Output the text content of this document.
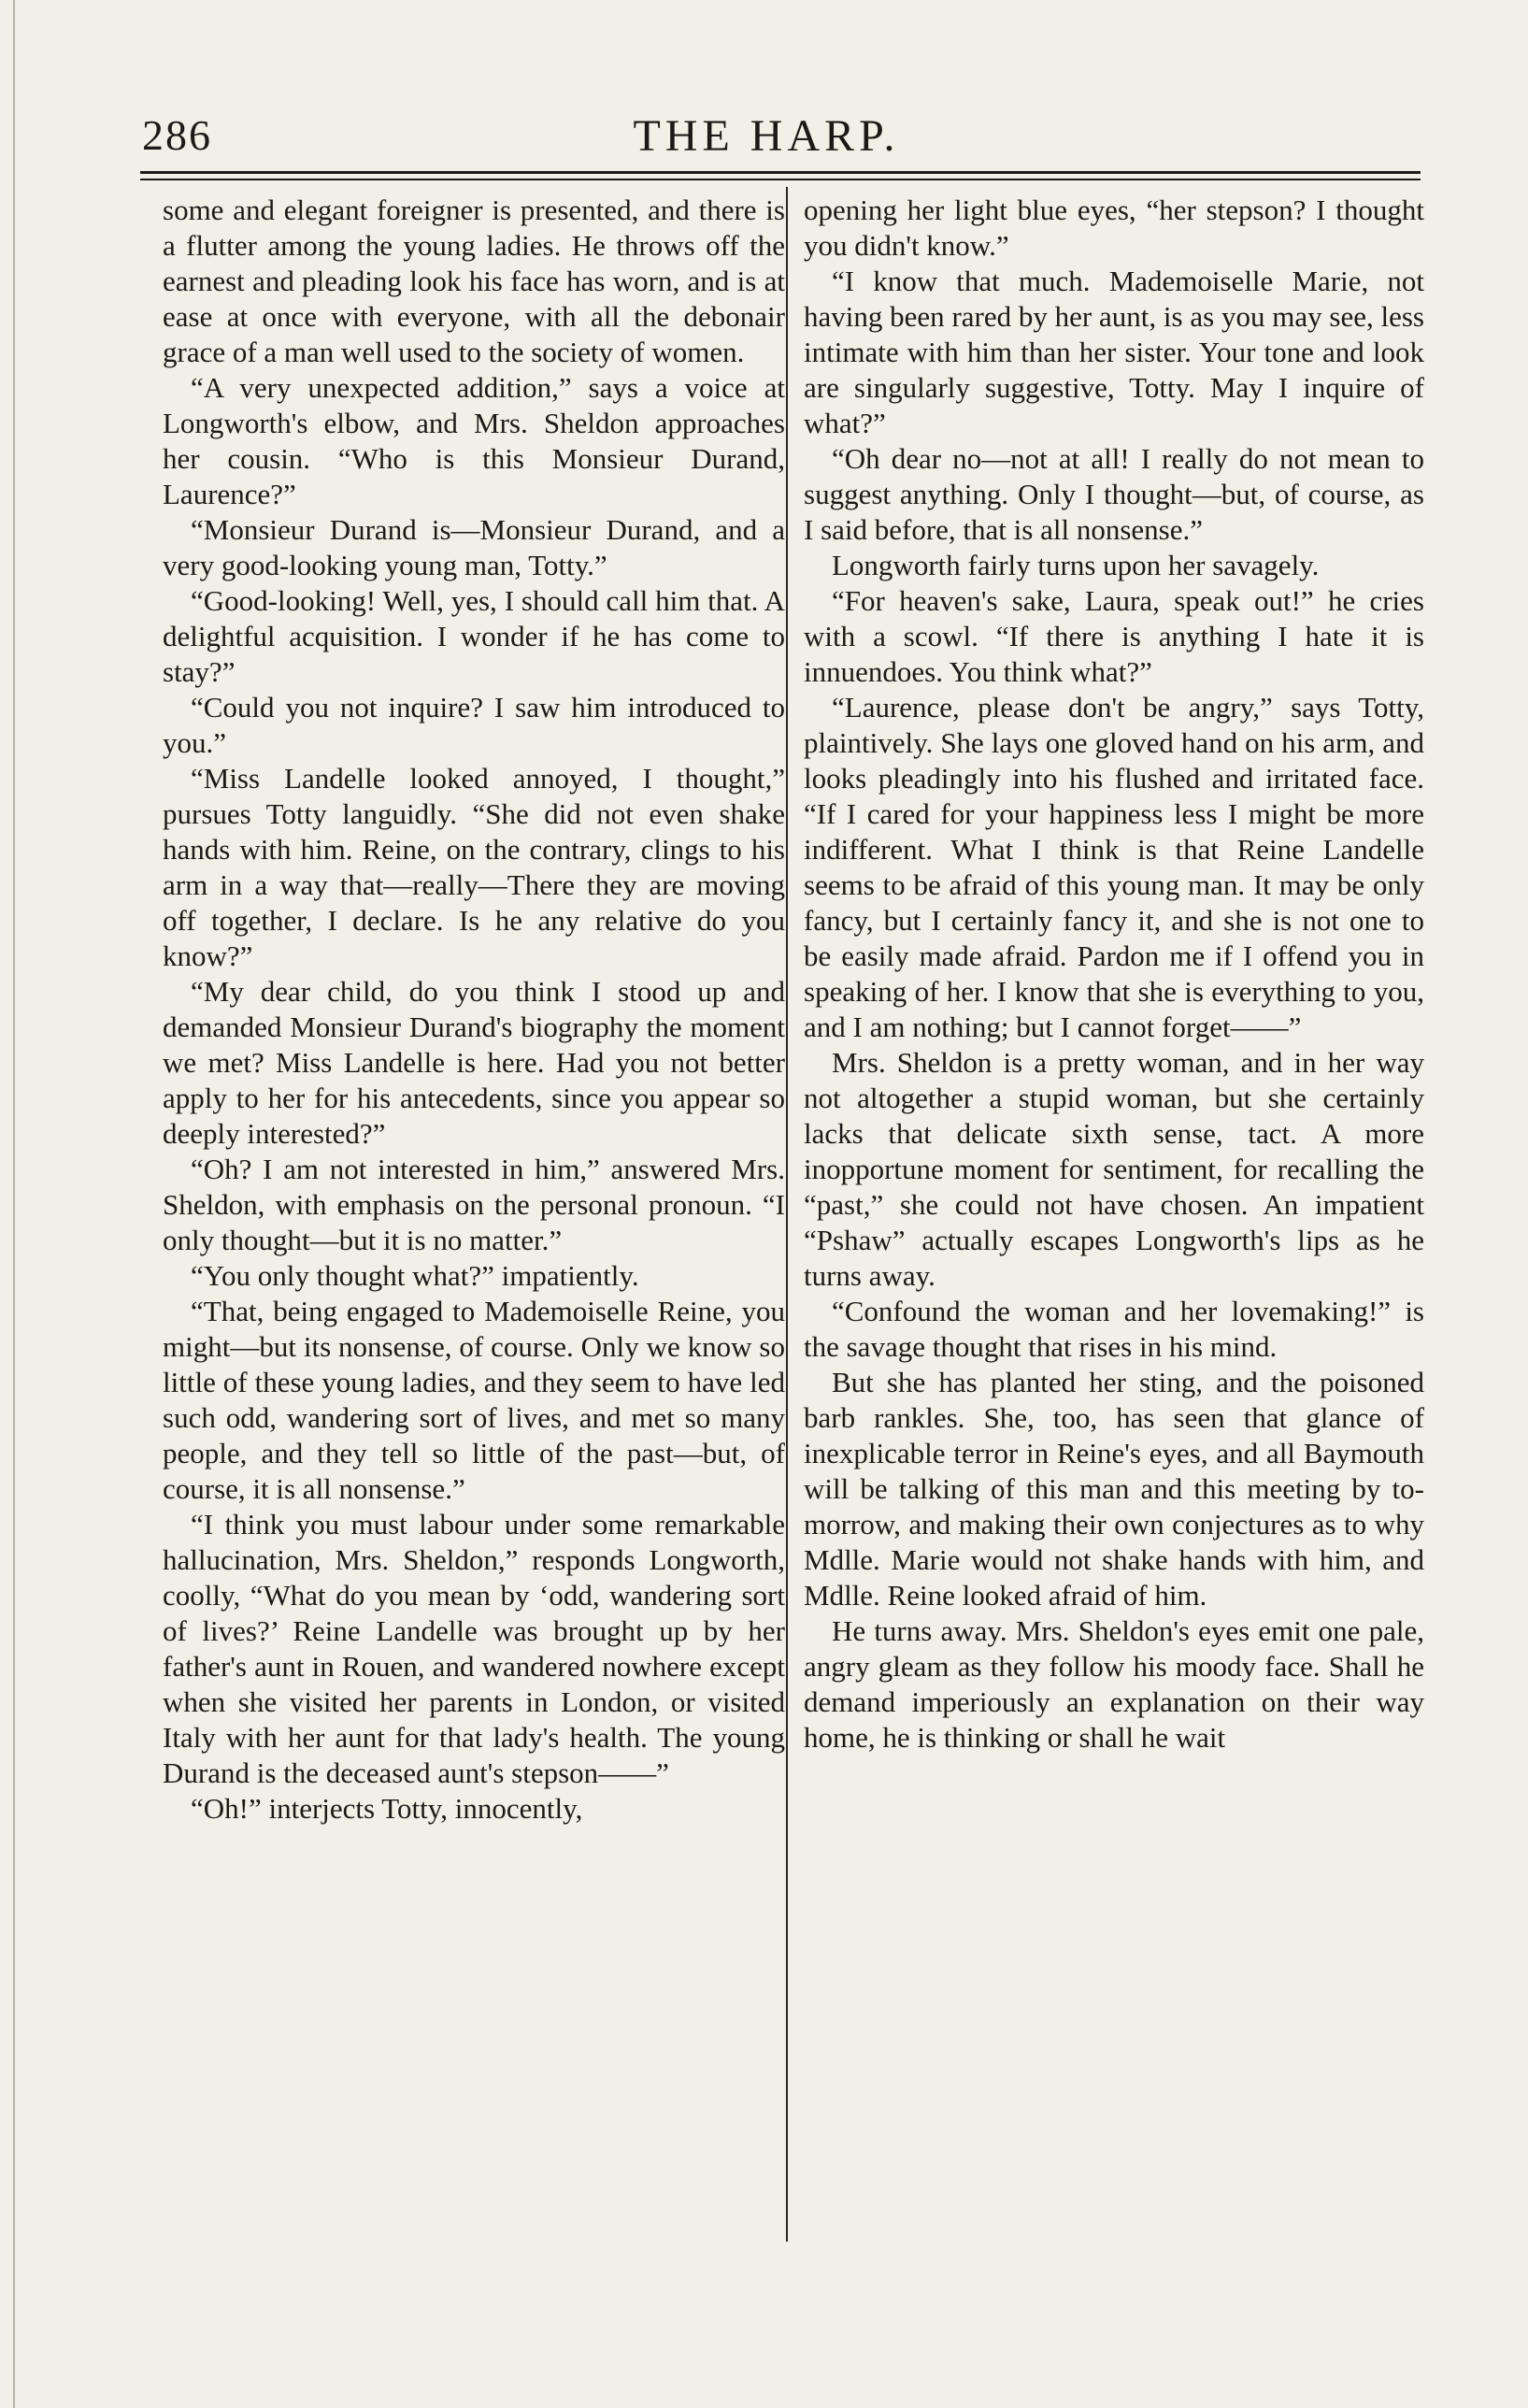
286	THE HARP.

some and elegant foreigner is presented, and there is a flutter among the young ladies. He throws off the earnest and pleading look his face has worn, and is at ease at once with everyone, with all the debonair grace of a man well used to the society of women.

“A very unexpected addition,” says a voice at Longworth's elbow, and Mrs. Sheldon approaches her cousin. “Who is this Monsieur Durand, Laurence?”

“Monsieur Durand is—Monsieur Durand, and a very good-looking young man, Totty.”

“Good-looking! Well, yes, I should call him that. A delightful acquisition. I wonder if he has come to stay?”

“Could you not inquire? I saw him introduced to you.”

“Miss Landelle looked annoyed, I thought,” pursues Totty languidly. “She did not even shake hands with him. Reine, on the contrary, clings to his arm in a way that—really—There they are moving off together, I declare. Is he any relative do you know?”

“My dear child, do you think I stood up and demanded Monsieur Durand's biography the moment we met? Miss Landelle is here. Had you not better apply to her for his antecedents, since you appear so deeply interested?”

“Oh? I am not interested in him,” answered Mrs. Sheldon, with emphasis on the personal pronoun. “I only thought—but it is no matter.”

“You only thought what?” impatiently.

“That, being engaged to Mademoiselle Reine, you might—but its nonsense, of course. Only we know so little of these young ladies, and they seem to have led such odd, wandering sort of lives, and met so many people, and they tell so little of the past—but, of course, it is all nonsense.”

“I think you must labour under some remarkable hallucination, Mrs. Sheldon,” responds Longworth, coolly, “What do you mean by ‘odd, wandering sort of lives?’ Reine Landelle was brought up by her father's aunt in Rouen, and wandered nowhere except when she visited her parents in London, or visited Italy with her aunt for that lady's health. The young Durand is the deceased aunt's stepson——”

“Oh!” interjects Totty, innocently,

opening her light blue eyes, “her stepson? I thought you didn't know.”

“I know that much. Mademoiselle Marie, not having been rared by her aunt, is as you may see, less intimate with him than her sister. Your tone and look are singularly suggestive, Totty. May I inquire of what?”

“Oh dear no—not at all! I really do not mean to suggest anything. Only I thought—but, of course, as I said before, that is all nonsense.”

Longworth fairly turns upon her savagely.

“For heaven's sake, Laura, speak out!” he cries with a scowl. “If there is anything I hate it is innuendoes. You think what?”

“Laurence, please don't be angry,” says Totty, plaintively. She lays one gloved hand on his arm, and looks pleadingly into his flushed and irritated face. “If I cared for your happiness less I might be more indifferent. What I think is that Reine Landelle seems to be afraid of this young man. It may be only fancy, but I certainly fancy it, and she is not one to be easily made afraid. Pardon me if I offend you in speaking of her. I know that she is everything to you, and I am nothing; but I cannot forget——”

Mrs. Sheldon is a pretty woman, and in her way not altogether a stupid woman, but she certainly lacks that delicate sixth sense, tact. A more inopportune moment for sentiment, for recalling the “past,” she could not have chosen. An impatient “Pshaw” actually escapes Longworth's lips as he turns away.

“Confound the woman and her lovemaking!” is the savage thought that rises in his mind.

But she has planted her sting, and the poisoned barb rankles. She, too, has seen that glance of inexplicable terror in Reine's eyes, and all Baymouth will be talking of this man and this meeting by to-morrow, and making their own conjectures as to why Mdlle. Marie would not shake hands with him, and Mdlle. Reine looked afraid of him.

He turns away. Mrs. Sheldon's eyes emit one pale, angry gleam as they follow his moody face. Shall he demand imperiously an explanation on their way home, he is thinking or shall he wait
